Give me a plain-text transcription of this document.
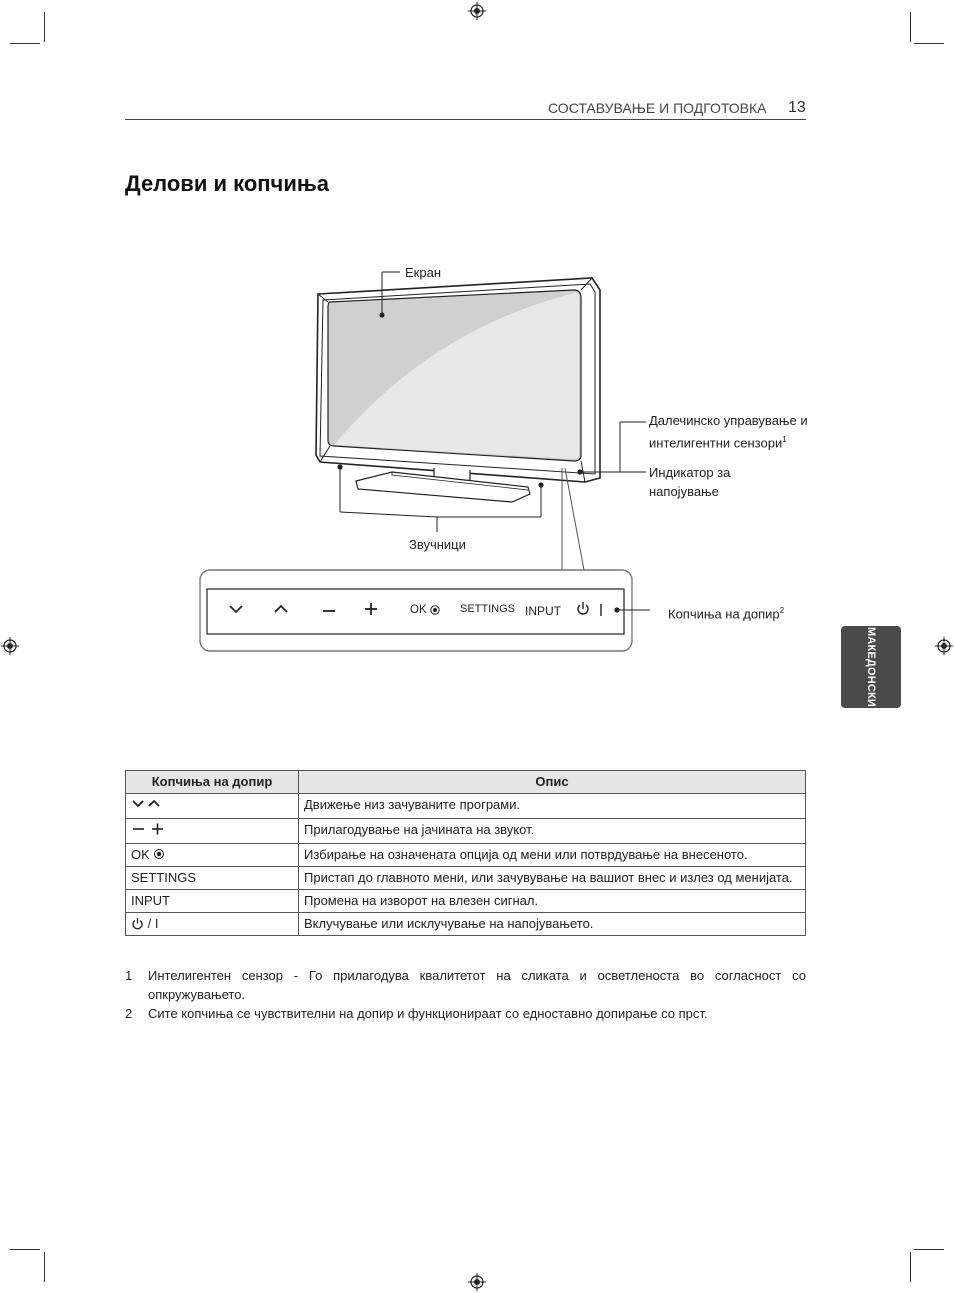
СОСТАВУВАЊЕ И ПОДГОТОВКА 13
Делови и копчиња
МАКЕДОНСКИ
Екран
Далечинско управување и интелигентни сензори$^1$
Индикатор за напојување
Звучници
Копчиња на допир$^2$
OK	SETTINGS INPUT
Копчиња на допир	Опис
	Движење низ зачуваните програми.
	Прилагодување на јачината на звукот.
OK	Избирање на означената опција од мени или потврдување на внесеното.
SETTINGS	Пристап до главното мени, или зачувување на вашиот внес и излез од менијата.
INPUT	Промена на изворот на влезен сигнал.
/ I	Вклучување или исклучување на напојувањето.
1 Интелигентен сензор - Го прилагодува квалитетот на сликата и осветленоста во согласност со опкружувањето.
2 Сите копчиња се чувствителни на допир и функционираат со едноставно допирање со прст.
